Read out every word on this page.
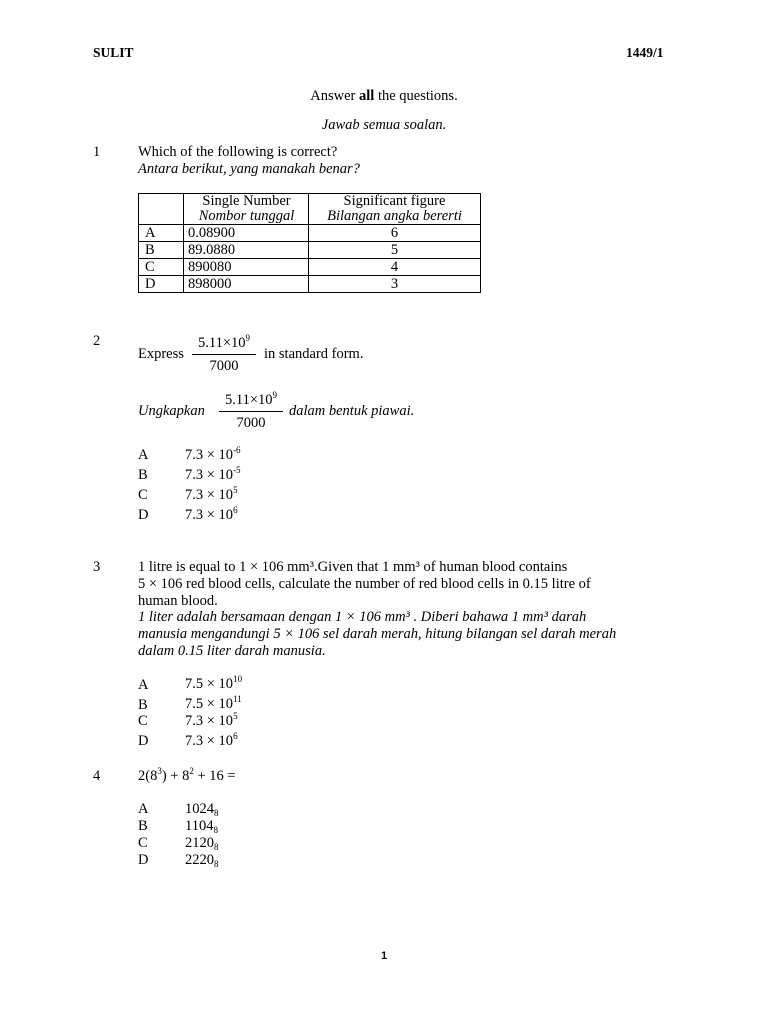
SULIT	1449/1
Answer all the questions.
Jawab semua soalan.
1	Which of the following is correct?
Antara berikut, yang manakah benar?
	Single Number	Significant figure
	Nombor tunggal	Bilangan angka bererti
A	0.08900	6
B	89.0880	5
C	890080	4
D	898000	3
2
Express
$5.11\times 10^9$
7000
in standard form.
Ungkapkan
$5.11\times 10^9$
7000
dalam bentuk piawai.
A	$7.3 \times 10^{-6}$
B	$7.3 \times 10^{-5}$
C	$7.3 \times 10^5$
D	$7.3 \times 10^6$
3	1 litre is equal to 1 × 106 mm³.Given that 1 mm³ of human blood contains
5 × 106 red blood cells, calculate the number of red blood cells in 0.15 litre of
human blood.
1 liter adalah bersamaan dengan 1 × 106 mm³ . Diberi bahawa 1 mm³ darah
manusia mengandungi 5 × 106 sel darah merah, hitung bilangan sel darah merah
dalam 0.15 liter darah manusia.
A	$7.5 \times 10^{10}$
B	$7.5 \times 10^{11}$
C	$7.3 \times 10^5$
D	$7.3 \times 10^6$
4	$2(8^3) + 8^2 + 16$ =
A	$1024_8$
B	$1104_8$
C	$2120_8$
D	$2220_8$
1
